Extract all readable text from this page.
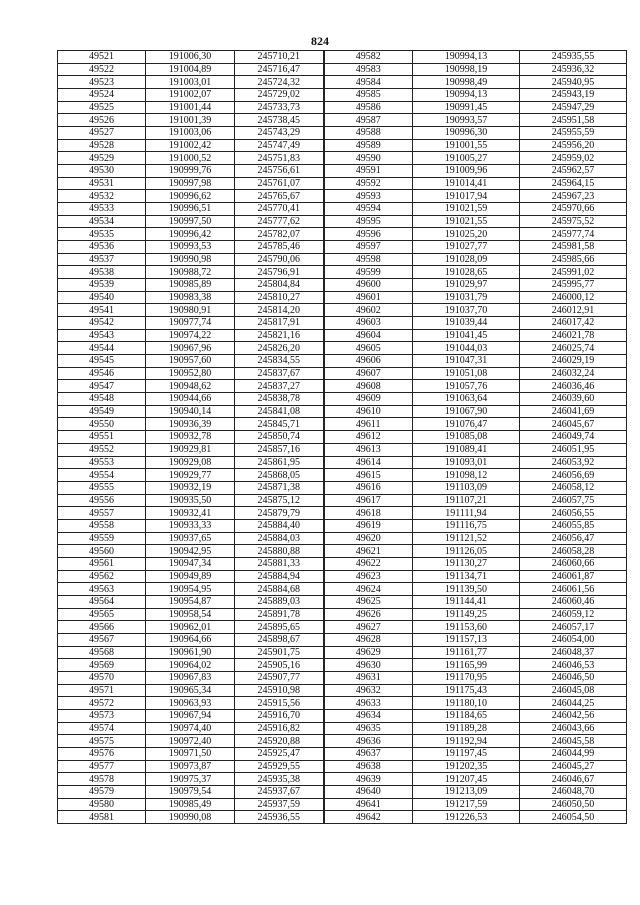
824
49521	191006,30	245710,21	49582	190994,13	245935,55
49522	191004,89	245716,47	49583	190998,19	245936,32
49523	191003,01	245724,32	49584	190998,49	245940,95
49524	191002,07	245729,02	49585	190994,13	245943,19
49525	191001,44	245733,73	49586	190991,45	245947,29
49526	191001,39	245738,45	49587	190993,57	245951,58
49527	191003,06	245743,29	49588	190996,30	245955,59
49528	191002,42	245747,49	49589	191001,55	245956,20
49529	191000,52	245751,83	49590	191005,27	245959,02
49530	190999,76	245756,61	49591	191009,96	245962,57
49531	190997,98	245761,07	49592	191014,41	245964,15
49532	190996,62	245765,67	49593	191017,94	245967,23
49533	190996,51	245770,41	49594	191021,59	245970,66
49534	190997,50	245777,62	49595	191021,55	245975,52
49535	190996,42	245782,07	49596	191025,20	245977,74
49536	190993,53	245785,46	49597	191027,77	245981,58
49537	190990,98	245790,06	49598	191028,09	245985,66
49538	190988,72	245796,91	49599	191028,65	245991,02
49539	190985,89	245804,84	49600	191029,97	245995,77
49540	190983,38	245810,27	49601	191031,79	246000,12
49541	190980,91	245814,20	49602	191037,70	246012,91
49542	190977,74	245817,91	49603	191039,44	246017,42
49543	190974,22	245821,16	49604	191041,45	246021,78
49544	190967,96	245826,20	49605	191044,03	246025,74
49545	190957,60	245834,55	49606	191047,31	246029,19
49546	190952,80	245837,67	49607	191051,08	246032,24
49547	190948,62	245837,27	49608	191057,76	246036,46
49548	190944,66	245838,78	49609	191063,64	246039,60
49549	190940,14	245841,08	49610	191067,90	246041,69
49550	190936,39	245845,71	49611	191076,47	246045,67
49551	190932,78	245850,74	49612	191085,08	246049,74
49552	190929,81	245857,16	49613	191089,41	246051,95
49553	190929,08	245861,95	49614	191093,01	246053,92
49554	190929,77	245868,05	49615	191098,12	246056,69
49555	190932,19	245871,38	49616	191103,09	246058,12
49556	190935,50	245875,12	49617	191107,21	246057,75
49557	190932,41	245879,79	49618	191111,94	246056,55
49558	190933,33	245884,40	49619	191116,75	246055,85
49559	190937,65	245884,03	49620	191121,52	246056,47
49560	190942,95	245880,88	49621	191126,05	246058,28
49561	190947,34	245881,33	49622	191130,27	246060,66
49562	190949,89	245884,94	49623	191134,71	246061,87
49563	190954,95	245884,68	49624	191139,50	246061,56
49564	190954,87	245889,03	49625	191144,41	246060,46
49565	190958,54	245891,78	49626	191149,25	246059,12
49566	190962,01	245895,65	49627	191153,60	246057,17
49567	190964,66	245898,67	49628	191157,13	246054,00
49568	190961,90	245901,75	49629	191161,77	246048,37
49569	190964,02	245905,16	49630	191165,99	246046,53
49570	190967,83	245907,77	49631	191170,95	246046,50
49571	190965,34	245910,98	49632	191175,43	246045,08
49572	190963,93	245915,56	49633	191180,10	246044,25
49573	190967,94	245916,70	49634	191184,65	246042,56
49574	190974,40	245916,82	49635	191189,28	246043,66
49575	190972,40	245920,88	49636	191192,94	246045,58
49576	190971,50	245925,47	49637	191197,45	246044,99
49577	190973,87	245929,55	49638	191202,35	246045,27
49578	190975,37	245935,38	49639	191207,45	246046,67
49579	190979,54	245937,67	49640	191213,09	246048,70
49580	190985,49	245937,59	49641	191217,59	246050,50
49581	190990,08	245936,55	49642	191226,53	246054,50
